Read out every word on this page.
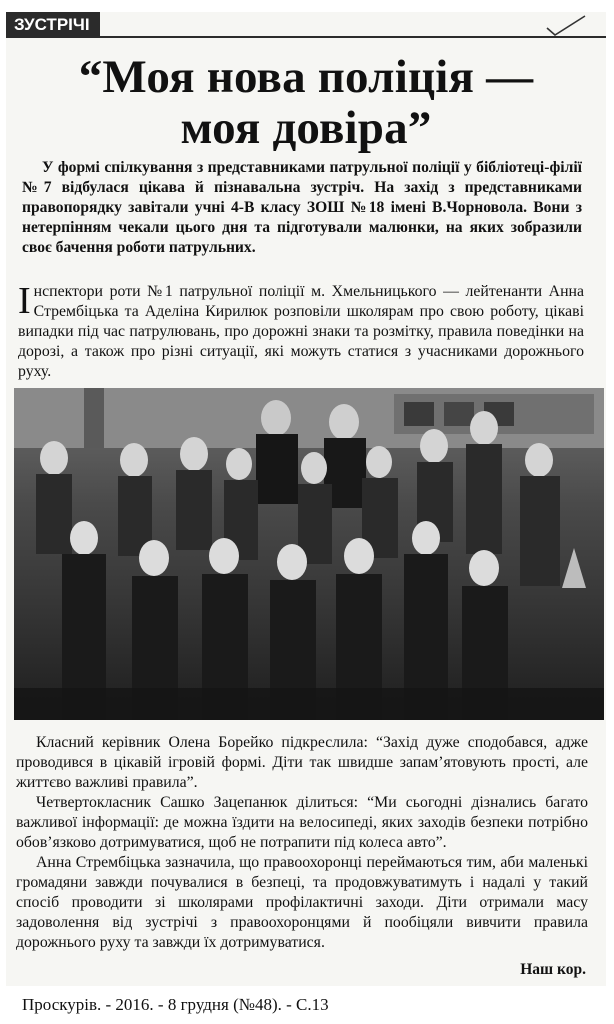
ЗУСТРІЧІ
“Моя нова поліція —
моя довіра”

У формі спілкування з представниками патрульної поліції у бібліотеці-філії №7 відбулася цікава й пізнавальна зустріч. На захід з представниками правопорядку завітали учні 4-В класу ЗОШ №18 імені В.Чорновола. Вони з нетерпінням чекали цього дня та підготували малюнки, на яких зобразили своє бачення роботи патрульних.

Інспектори роти №1 патрульної поліції м. Хмельницького — лейтенанти Анна Стрембіцька та Аделіна Кирилюк розповіли школярам про свою роботу, цікаві випадки під час патрулювань, про дорожні знаки та розмітку, правила поведінки на дорозі, а також про різні ситуації, які можуть статися з учасниками дорожнього руху.

Класний керівник Олена Борейко підкреслила: “Захід дуже сподобався, адже проводився в цікавій ігровій формі. Діти так швидше запам’ятовують прості, але життєво важливі правила”.

Четвертокласник Сашко Зацепанюк ділиться: “Ми сьогодні дізнались багато важливої інформації: де можна їздити на велосипеді, яких заходів безпеки потрібно обов’язково дотримуватися, щоб не потрапити під колеса авто”.

Анна Стрембіцька зазначила, що правоохоронці переймаються тим, аби маленькі громадяни завжди почувалися в безпеці, та продовжуватимуть і надалі у такий спосіб проводити зі школярами профілактичні заходи. Діти отримали масу задоволення від зустрічі з правоохоронцями й пообіцяли вивчити правила дорожнього руху та завжди їх дотримуватися.

Наш кор.

Проскурів. - 2016. - 8 грудня (№48). - С.13
